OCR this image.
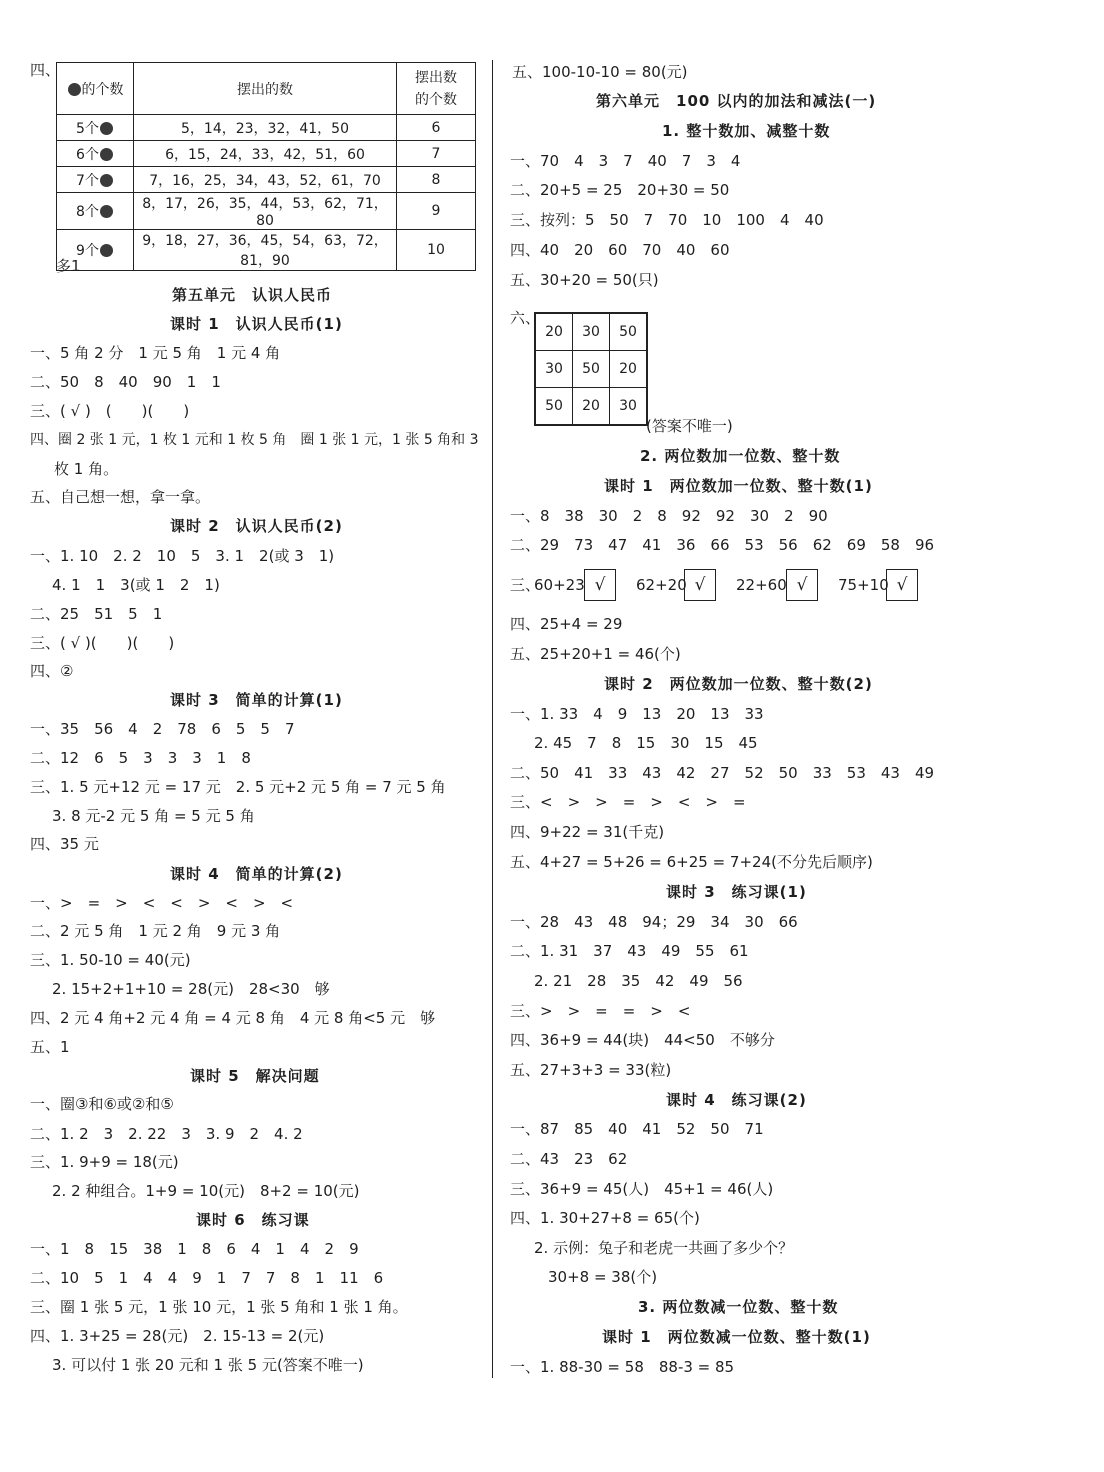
四、
的个数	摆出的数	摆出数
的个数
5个	5，14，23，32，41，50	6
6个	6，15，24，33，42，51，60	7
7个	7，16，25，34，43，52，61，70	8
8个	8，17，26，35，44，53，62，71，80	9
9个	9，18，27，36，45，54，63，72，81，90	10
多1
第五单元　认识人民币
课时 1　认识人民币(1)
一、5 角 2 分　1 元 5 角　1 元 4 角
二、50　8　40　90　1　1
三、( √ )　(　　)(　　)
四、圈 2 张 1 元，1 枚 1 元和 1 枚 5 角　圈 1 张 1 元，1 张 5 角和 3
枚 1 角。
五、自己想一想，拿一拿。
课时 2　认识人民币(2)
一、1. 10　2. 2　10　5　3. 1　2(或 3　1)
4. 1　1　3(或 1　2　1)
二、25　51　5　1
三、( √ )(　　)(　　)
四、②
课时 3　简单的计算(1)
一、35　56　4　2　78　6　5　5　7
二、12　6　5　3　3　3　1　8
三、1. 5 元+12 元 = 17 元　2. 5 元+2 元 5 角 = 7 元 5 角
3. 8 元-2 元 5 角 = 5 元 5 角
四、35 元
课时 4　简单的计算(2)
一、>　=　>　<　<　>　<　>　<
二、2 元 5 角　1 元 2 角　9 元 3 角
三、1. 50-10 = 40(元)
2. 15+2+1+10 = 28(元)　28<30　够
四、2 元 4 角+2 元 4 角 = 4 元 8 角　4 元 8 角<5 元　够
五、1
课时 5　解决问题
一、圈③和⑥或②和⑤
二、1. 2　3　2. 22　3　3. 9　2　4. 2
三、1. 9+9 = 18(元)
2. 2 种组合。1+9 = 10(元)　8+2 = 10(元)
课时 6　练习课
一、1　8　15　38　1　8　6　4　1　4　2　9
二、10　5　1　4　4　9　1　7　7　8　1　11　6
三、圈 1 张 5 元，1 张 10 元，1 张 5 角和 1 张 1 角。
四、1. 3+25 = 28(元)　2. 15-13 = 2(元)
3. 可以付 1 张 20 元和 1 张 5 元(答案不唯一)
五、100-10-10 = 80(元)
第六单元　100 以内的加法和减法(一)
1. 整十数加、减整十数
一、70　4　3　7　40　7　3　4
二、20+5 = 25　20+30 = 50
三、按列：5　50　7　70　10　100　4　40
四、40　20　60　70　40　60
五、30+20 = 50(只)
六、
20	30	50
30	50	20
50	20	30
(答案不唯一)
2. 两位数加一位数、整十数
课时 1　两位数加一位数、整十数(1)
一、8　38　30　2　8　92　92　30　2　90
二、29　73　47　41　36　66　53　56　62　69　58　96
三、
60+23 √	62+20 √	22+60 √	75+10 √
四、25+4 = 29
五、25+20+1 = 46(个)
课时 2　两位数加一位数、整十数(2)
一、1. 33　4　9　13　20　13　33
2. 45　7　8　15　30　15　45
二、50　41　33　43　42　27　52　50　33　53　43　49
三、<　>　>　=　>　<　>　=
四、9+22 = 31(千克)
五、4+27 = 5+26 = 6+25 = 7+24(不分先后顺序)
课时 3　练习课(1)
一、28　43　48　94；29　34　30　66
二、1. 31　37　43　49　55　61
2. 21　28　35　42　49　56
三、>　>　=　=　>　<
四、36+9 = 44(块)　44<50　不够分
五、27+3+3 = 33(粒)
课时 4　练习课(2)
一、87　85　40　41　52　50　71
二、43　23　62
三、36+9 = 45(人)　45+1 = 46(人)
四、1. 30+27+8 = 65(个)
2. 示例：兔子和老虎一共画了多少个？
30+8 = 38(个)
3. 两位数减一位数、整十数
课时 1　两位数减一位数、整十数(1)
一、1. 88-30 = 58　88-3 = 85
